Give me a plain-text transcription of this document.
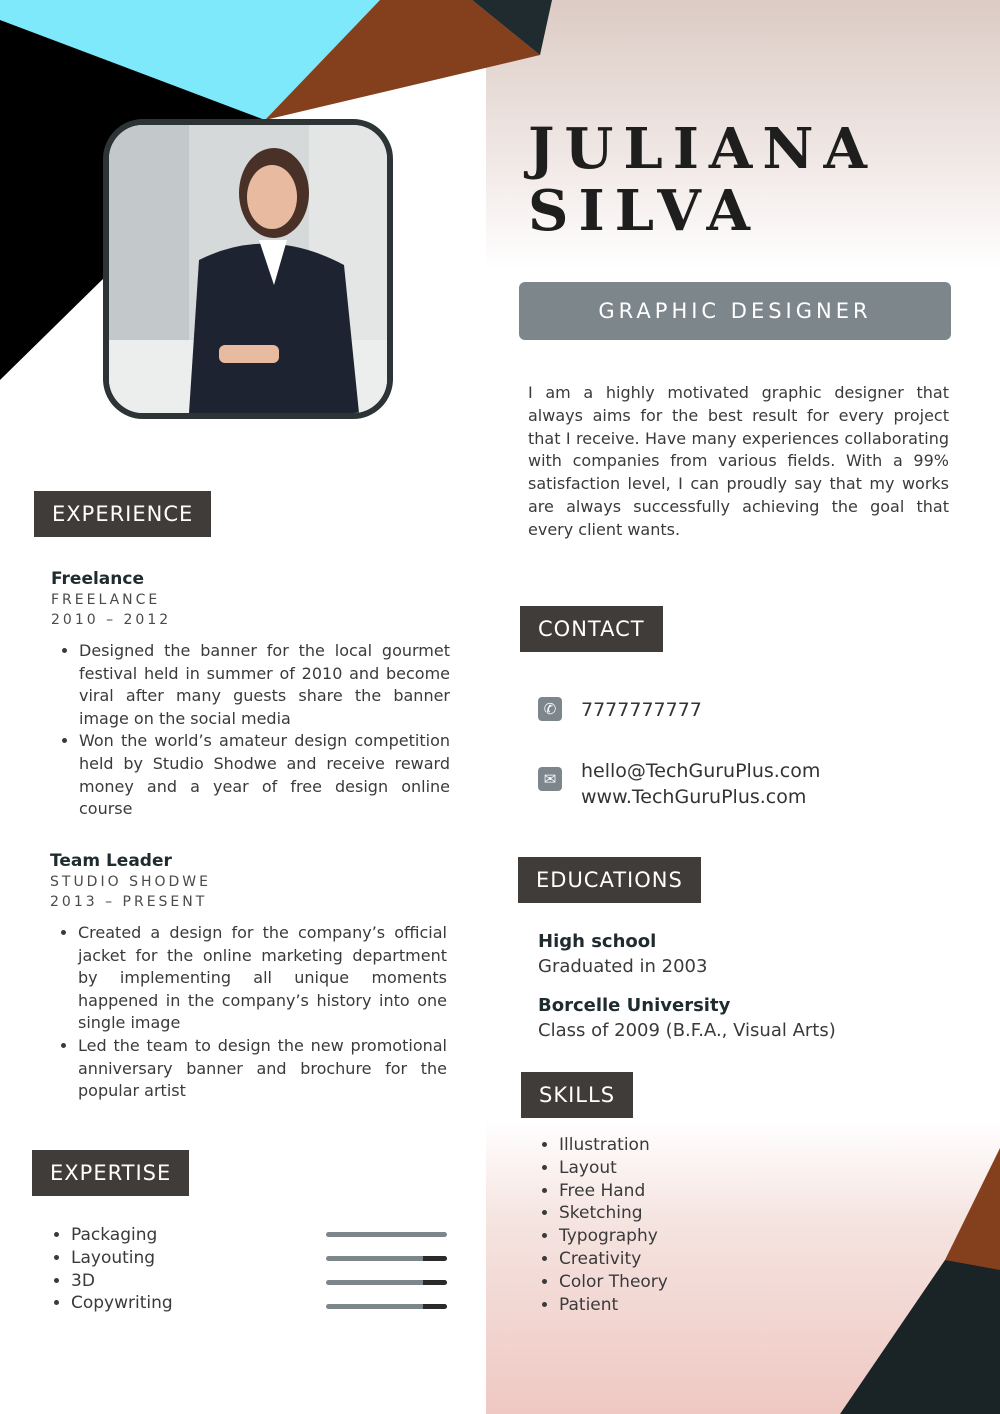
JULIANA
SILVA
GRAPHIC DESIGNER

I am a highly motivated graphic designer that always aims for the best result for every project that I receive. Have many experiences collaborating with companies from various fields. With a 99% satisfaction level, I can proudly say that my works are always successfully achieving the goal that every client wants.

EXPERIENCE
Freelance
FREELANCE
2010 – 2012
• Designed the banner for the local gourmet festival held in summer of 2010 and become viral after many guests share the banner image on the social media
• Won the world’s amateur design competition held by Studio Shodwe and receive reward money and a year of free design online course
Team Leader
STUDIO SHODWE
2013 – PRESENT
• Created a design for the company’s official jacket for the online marketing department by implementing all unique moments happened in the company’s history into one single image
• Led the team to design the new promotional anniversary banner and brochure for the popular artist
EXPERTISE
• Packaging
• Layouting
• 3D
• Copywriting
CONTACT
✆	7777777777
✉	hello@TechGuruPlus.com
www.TechGuruPlus.com
EDUCATIONS
High school
Graduated in 2003
Borcelle University
Class of 2009 (B.F.A., Visual Arts)
SKILLS
• Illustration
• Layout
• Free Hand
• Sketching
• Typography
• Creativity
• Color Theory
• Patient
